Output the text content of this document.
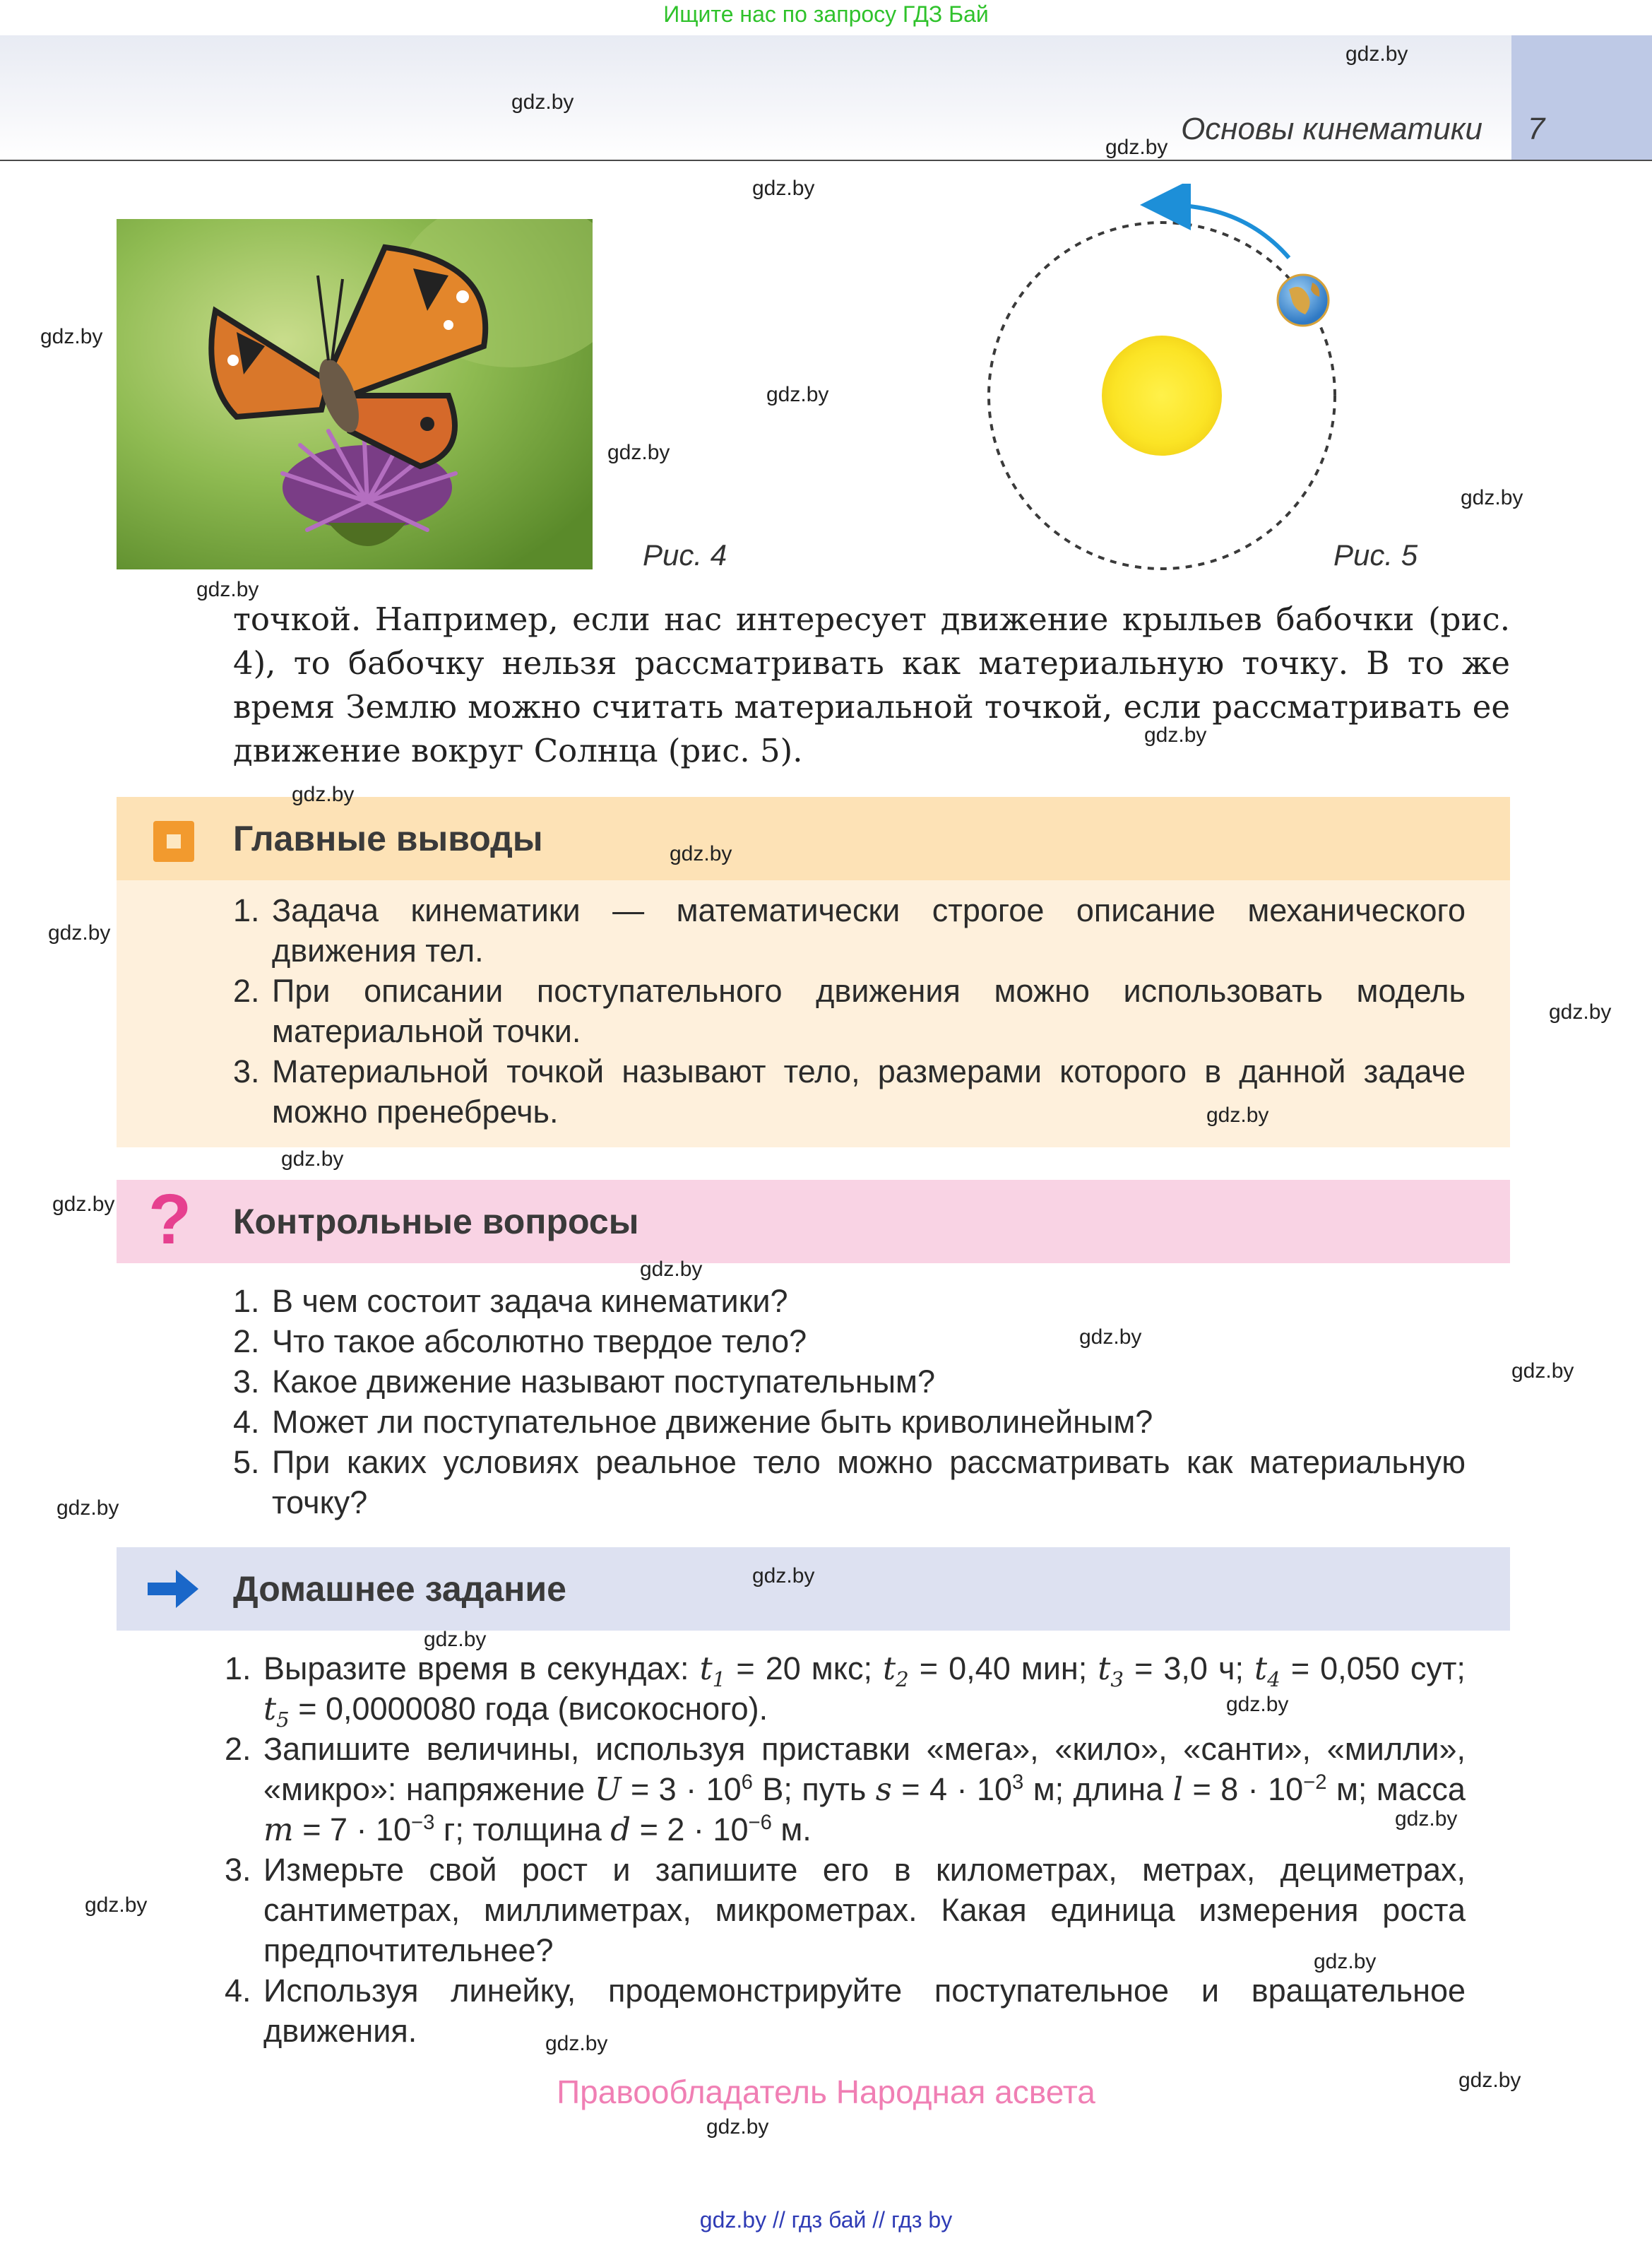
Ищите нас по запросу ГДЗ Бай
Основы кинематики 7
Рис. 4	Рис. 5
точкой. Например, если нас интересует движение крыльев бабочки (рис. 4), то бабочку нельзя рассматривать как материальную точку. В то же время Землю можно считать материальной точкой, если рассматривать ее движение вокруг Солнца (рис. 5).
Главные выводы
1. Задача кинематики — математически строгое описание механического движения тел.
2. При описании поступательного движения можно использовать модель материальной точки.
3. Материальной точкой называют тело, размерами которого в данной задаче можно пренебречь.
? Контрольные вопросы
1. В чем состоит задача кинематики?
2. Что такое абсолютно твердое тело?
3. Какое движение называют поступательным?
4. Может ли поступательное движение быть криволинейным?
5. При каких условиях реальное тело можно рассматривать как материальную точку?
Домашнее задание
1. Выразите время в секундах: $t_1 = 20$ мкс; $t_2 = 0,40$ мин; $t_3 = 3,0$ ч; $t_4 = 0,050$ сут; $t_5 = 0,0000080$ года (високосного).
2. Запишите величины, используя приставки «мега», «кило», «санти», «милли», «микро»: напряжение $U = 3 \cdot 10^6$ В; путь $s = 4 \cdot 10^3$ м; длина $l = 8 \cdot 10^{-2}$ м; масса $m = 7 \cdot 10^{-3}$ г; толщина $d = 2 \cdot 10^{-6}$ м.
3. Измерьте свой рост и запишите его в километрах, метрах, дециметрах, сантиметрах, миллиметрах, микрометрах. Какая единица измерения роста предпочтительнее?
4. Используя линейку, продемонстрируйте поступательное и вращательное движения.
gdz.by
gdz.by
gdz.by
gdz.by
gdz.by
gdz.by
gdz.by
gdz.by
gdz.by
gdz.by
gdz.by
gdz.by
gdz.by
gdz.by
gdz.by
gdz.by
gdz.by
gdz.by
gdz.by
gdz.by
gdz.by
gdz.by
gdz.by
gdz.by
gdz.by
gdz.by
gdz.by
gdz.by
gdz.by
gdz.by
Правообладатель Народная асвета
gdz.by // гдз бай // гдз by
